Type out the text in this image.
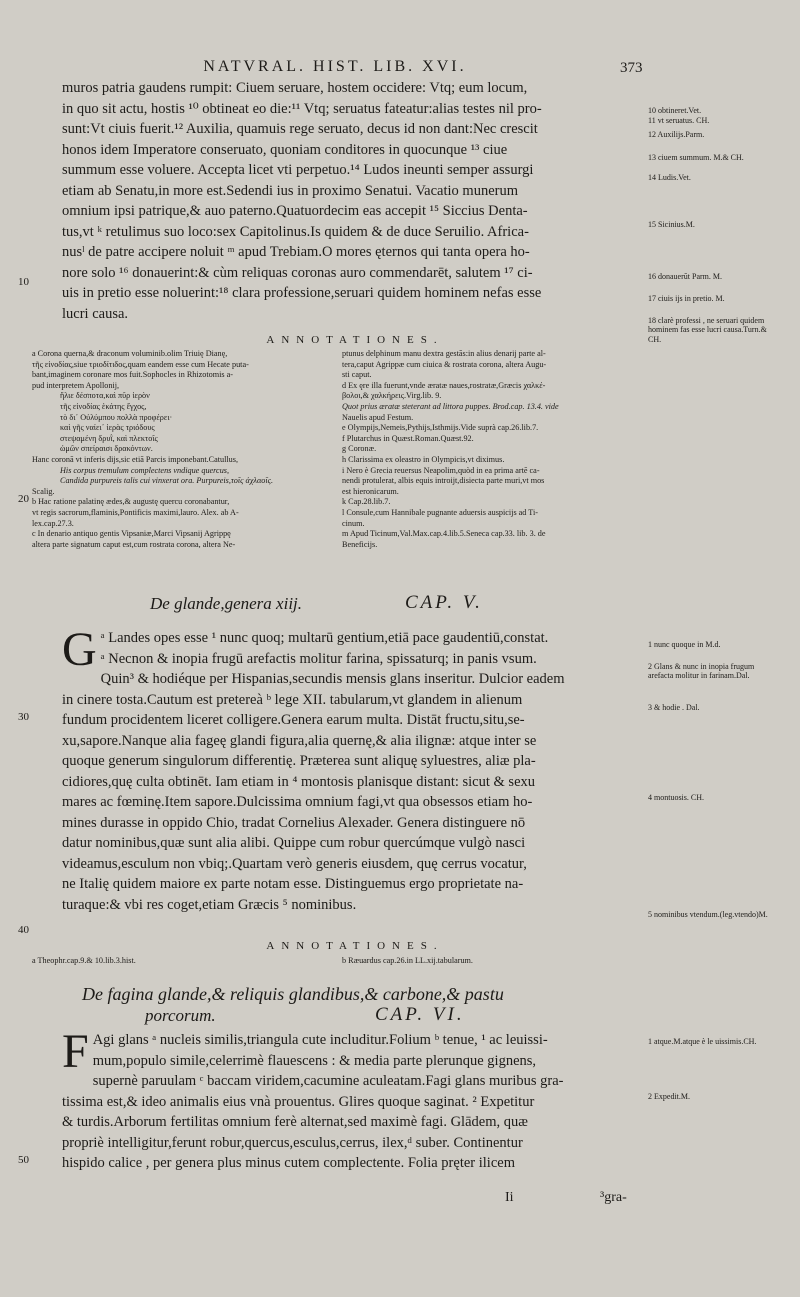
NATVRAL. HIST. LIB. XVI.	373

muros patria gaudens rumpit: Ciuem seruare, hostem occidere: Vtq; eum locum,

in quo sit actu, hostis ¹⁰ obtineat eo die:¹¹ Vtq; seruatus fateatur:alias testes nil pro-

sunt:Vt ciuis fuerit.¹² Auxilia, quamuis rege seruato, decus id non dant:Nec crescit

honos idem Imperatore conseruato, quoniam conditores in quocunque ¹³ ciue

summum esse voluere. Accepta licet vti perpetuo.¹⁴ Ludos ineunti semper assurgi

etiam ab Senatu,in more est.Sedendi ius in proximo Senatui. Vacatio munerum

omnium ipsi patrique,& auo paterno.Quatuordecim eas accepit ¹⁵ Siccius Denta-

tus,vt ᵏ retulimus suo loco:sex Capitolinus.Is quidem & de duce Seruilio. Africa-

nusˡ de patre accipere noluit ᵐ apud Trebiam.O mores ęternos qui tanta opera ho-

nore solo ¹⁶ donauerint:& cùm reliquas coronas auro commendarēt, salutem ¹⁷ ci-

uis in pretio esse noluerint:¹⁸ clara professione,seruari quidem hominem nefas esse

lucri causa.

ANNOTATIONES.

a Corona querna,& draconum voluminib.olim Triuię Dianę,

τῆς εἰνοδίας,siue τριοδίτιδος,quam eandem esse cum Hecate puta-

bant,imaginem coronare mos fuit.Sophocles in Rhizotomis a-

pud interpretem Apollonij,

ἥλιε δέσποτα,καὶ πῦρ ἱερὸν

τῆς εἰνοδίας ἑκάτης ἔγχος,

τὸ δι᾽ Οὐλύμπου πολλὰ προφέρει·

καὶ γῆς ναίει᾽ ἱερὰς τριόδους

στεψαμένη δρυῒ, καὶ πλεκτοῖς

ὠμῶν σπείραισι δρακόντων.

Hanc coronā vt inferis dijs,sic etiā Parcis imponebant.Catullus,

His corpus tremulum complectens vndique quercus,

Candida purpureis talis cui vinxerat ora. Purpureis,τοῖς ἀχλαοῖς.

Scalig.

b Hac ratione palatinę ædes,& augustę quercu coronabantur,

vt regis sacrorum,flaminis,Pontificis maximi,lauro. Alex. ab A-

lex.cap.27.3.

c In denario antiquo gentis Vipsaniæ,Marci Vipsanij Agrippę

altera parte signatum caput est,cum rostrata corona, altera Ne-

ptunus delphinum manu dextra gestās:in alius denarij parte al-

tera,caput Agrippæ cum ciuica & rostrata corona, altera Augu-

sti caput.

d Ex ęre illa fuerunt,vnde æratæ naues,rostratæ,Græcis χαλκέ-

βολοι,& χαλκήρεις.Virg.lib. 9.

Quot prius æratæ steterant ad littora puppes. Brod.cap. 13.4. vide

Nauelis apud Festum.

e Olympijs,Nemeis,Pythijs,Isthmijs.Vide suprà cap.26.lib.7.

f Plutarchus in Quæst.Roman.Quæst.92.

g Coronæ.

h Clarissima ex oleastro in Olympicis,vt diximus.

i Nero è Grecia reuersus Neapolim,quòd in ea prima artē ca-

nendi protulerat, albis equis introijt,disiecta parte muri,vt mos

est hieronicarum.

k Cap.28.lib.7.

l Consule,cum Hannibale pugnante aduersis auspicijs ad Ti-

cinum.

m Apud Ticinum,Val.Max.cap.4.lib.5.Seneca cap.33. lib. 3. de

Beneficijs.

De glande,genera xiij.	CAP. V.
G ᵃ Landes opes esse ¹ nunc quoq; multarū gentium,etiā pace gaudentiū,constat.

ᵃ Necnon & inopia frugū arefactis molitur farina, spissaturq; in panis vsum.

Quin³ & hodiéque per Hispanias,secundis mensis glans inseritur. Dulcior eadem

in cinere tosta.Cautum est pretereà ᵇ lege XII. tabularum,vt glandem in alienum

fundum procidentem liceret colligere.Genera earum multa. Distāt fructu,situ,se-

xu,sapore.Nanque alia fageę glandi figura,alia quernę,& alia ilignæ: atque inter se

quoque generum singulorum differentię. Præterea sunt aliquę syluestres, aliæ pla-

cidiores,quę culta obtinēt. Iam etiam in ⁴ montosis planisque distant: sicut & sexu

mares ac fœminę.Item sapore.Dulcissima omnium fagi,vt qua obsessos etiam ho-

mines durasse in oppido Chio, tradat Cornelius Alexader. Genera distinguere nō

datur nominibus,quæ sunt alia alibi. Quippe cum robur quercúmque vulgò nasci

videamus,esculum non vbiq;.Quartam verò generis eiusdem, quę cerrus vocatur,

ne Italię quidem maiore ex parte notam esse. Distinguemus ergo proprietate na-

turaque:& vbi res coget,etiam Græcis ⁵ nominibus.

ANNOTATIONES.
a Theophr.cap.9.& 10.lib.3.hist.	b Ræuardus cap.26.in LL.xij.tabularum.
De fagina glande,& reliquis glandibus,& carbone,& pastu
porcorum.	CAP. VI.
F Agi glans ᵃ nucleis similis,triangula cute includitur.Folium ᵇ tenue, ¹ ac leuissi-

mum,populo simile,celerrimè flauescens : & media parte plerunque gignens,

supernè paruulam ᶜ baccam viridem,cacumine aculeatam.Fagi glans muribus gra-

tissima est,& ideo animalis eius vnà prouentus. Glires quoque saginat. ² Expetitur

& turdis.Arborum fertilitas omnium ferè alternat,sed maximè fagi. Glādem, quæ

propriè intelligitur,ferunt robur,quercus,esculus,cerrus, ilex,ᵈ suber. Continentur

hispido calice , per genera plus minus cutem complectente. Folia pręter ilicem

Ii	³gra-
10
20
30
40
50
10 obtineret.Vet.
11 vt seruatus. CH.
12 Auxilijs.Parm.
13 ciuem summum. M.& CH.
14 Ludis.Vet.
15 Sicinius.M.
16 donauerūt Parm. M.
17 ciuis ijs in pretio. M.
18 clarè professi , ne seruari quidem hominem fas esse lucri causa.Turn.& CH.
1 nunc quoque in M.d.
2 Glans & nunc in inopia frugum arefacta molitur in farinam.Dal.
3 & hodie . Dal.
4 montuosis. CH.
5 nominibus vtendum.(leg.vtendo)M.
1 atque.M.atque è le uissimis.CH.
2 Expedit.M.
